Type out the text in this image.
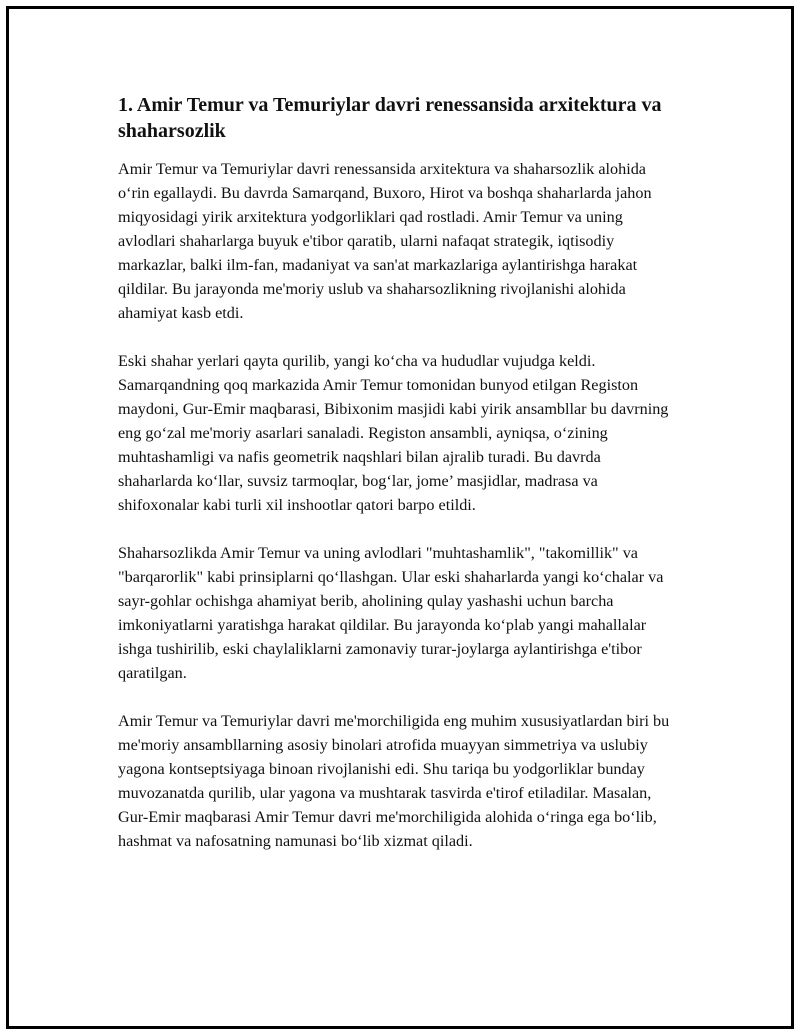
1. Amir Temur va Temuriylar davri renessansida arxitektura va shaharsozlik

Amir Temur va Temuriylar davri renessansida arxitektura va shaharsozlik alohida oʻrin egallaydi. Bu davrda Samarqand, Buxoro, Hirot va boshqa shaharlarda jahon miqyosidagi yirik arxitektura yodgorliklari qad rostladi. Amir Temur va uning avlodlari shaharlarga buyuk e'tibor qaratib, ularni nafaqat strategik, iqtisodiy markazlar, balki ilm-fan, madaniyat va san'at markazlariga aylantirishga harakat qildilar. Bu jarayonda me'moriy uslub va shaharsozlikning rivojlanishi alohida ahamiyat kasb etdi.

Eski shahar yerlari qayta qurilib, yangi koʻcha va hududlar vujudga keldi. Samarqandning qoq markazida Amir Temur tomonidan bunyod etilgan Registon maydoni, Gur-Emir maqbarasi, Bibixonim masjidi kabi yirik ansambllar bu davrning eng goʻzal me'moriy asarlari sanaladi. Registon ansambli, ayniqsa, oʻzining muhtashamligi va nafis geometrik naqshlari bilan ajralib turadi. Bu davrda shaharlarda koʻllar, suvsiz tarmoqlar, bogʻlar, jome’ masjidlar, madrasa va shifoxonalar kabi turli xil inshootlar qatori barpo etildi.

Shaharsozlikda Amir Temur va uning avlodlari "muhtashamlik", "takomillik" va "barqarorlik" kabi prinsiplarni qoʻllashgan. Ular eski shaharlarda yangi koʻchalar va sayr-gohlar ochishga ahamiyat berib, aholining qulay yashashi uchun barcha imkoniyatlarni yaratishga harakat qildilar. Bu jarayonda koʻplab yangi mahallalar ishga tushirilib, eski chaylaliklarni zamonaviy turar-joylarga aylantirishga e'tibor qaratilgan.

Amir Temur va Temuriylar davri me'morchiligida eng muhim xususiyatlardan biri bu me'moriy ansambllarning asosiy binolari atrofida muayyan simmetriya va uslubiy yagona kontseptsiyaga binoan rivojlanishi edi. Shu tariqa bu yodgorliklar bunday muvozanatda qurilib, ular yagona va mushtarak tasvirda e'tirof etiladilar. Masalan, Gur-Emir maqbarasi Amir Temur davri me'morchiligida alohida oʻringa ega boʻlib, hashmat va nafosatning namunasi boʻlib xizmat qiladi.
